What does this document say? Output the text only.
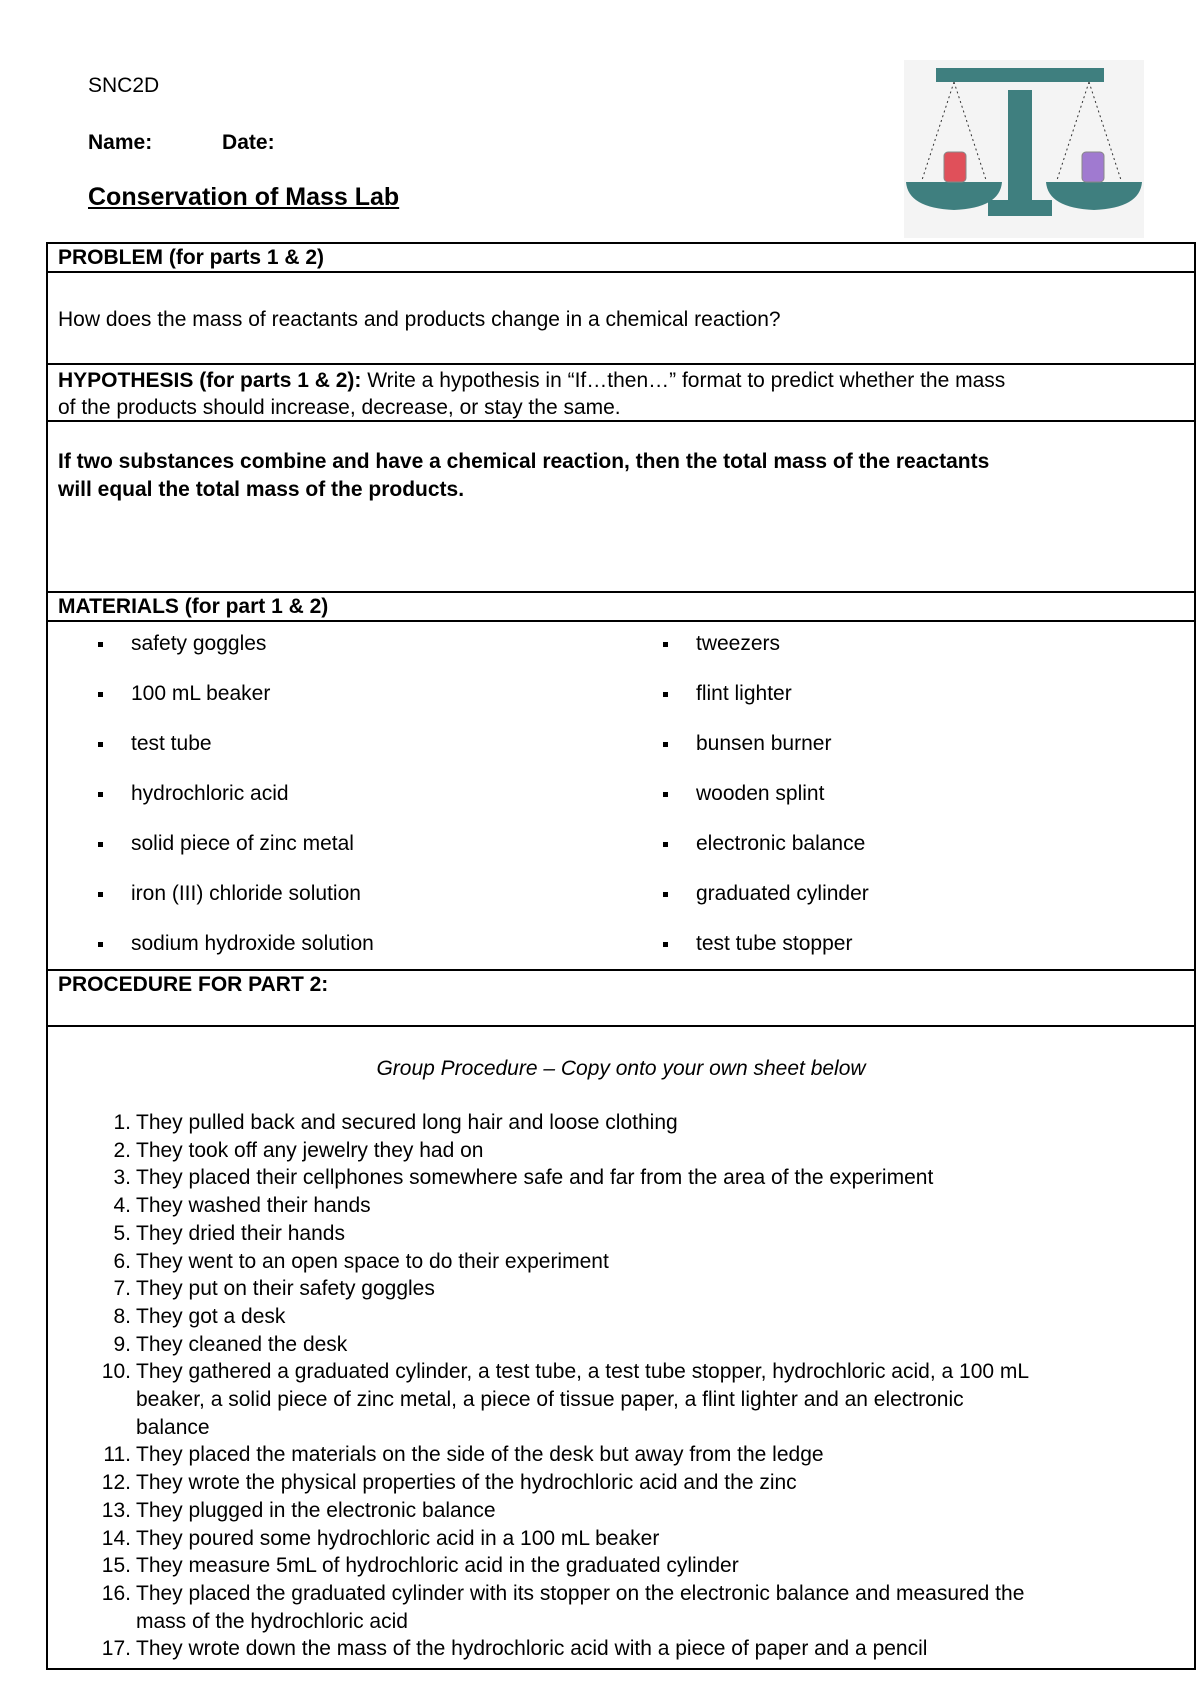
SNC2D
Name:	Date:
Conservation of Mass Lab
PROBLEM (for parts 1 & 2)
How does the mass of reactants and products change in a chemical reaction?
HYPOTHESIS (for parts 1 & 2): Write a hypothesis in “If…then…” format to predict whether the mass
of the products should increase, decrease, or stay the same.
If two substances combine and have a chemical reaction, then the total mass of the reactants
will equal the total mass of the products.
MATERIALS (for part 1 & 2)
safety goggles
100 mL beaker
test tube
hydrochloric acid
solid piece of zinc metal
iron (III) chloride solution
sodium hydroxide solution
tweezers
flint lighter
bunsen burner
wooden splint
electronic balance
graduated cylinder
test tube stopper
PROCEDURE FOR PART 2:
Group Procedure – Copy onto your own sheet below
1. They pulled back and secured long hair and loose clothing
2. They took off any jewelry they had on
3. They placed their cellphones somewhere safe and far from the area of the experiment
4. They washed their hands
5. They dried their hands
6. They went to an open space to do their experiment
7. They put on their safety goggles
8. They got a desk
9. They cleaned the desk
10. They gathered a graduated cylinder, a test tube, a test tube stopper, hydrochloric acid, a 100 mL
beaker, a solid piece of zinc metal, a piece of tissue paper, a flint lighter and an electronic
balance
11. They placed the materials on the side of the desk but away from the ledge
12. They wrote the physical properties of the hydrochloric acid and the zinc
13. They plugged in the electronic balance
14. They poured some hydrochloric acid in a 100 mL beaker
15. They measure 5mL of hydrochloric acid in the graduated cylinder
16. They placed the graduated cylinder with its stopper on the electronic balance and measured the
mass of the hydrochloric acid
17. They wrote down the mass of the hydrochloric acid with a piece of paper and a pencil
